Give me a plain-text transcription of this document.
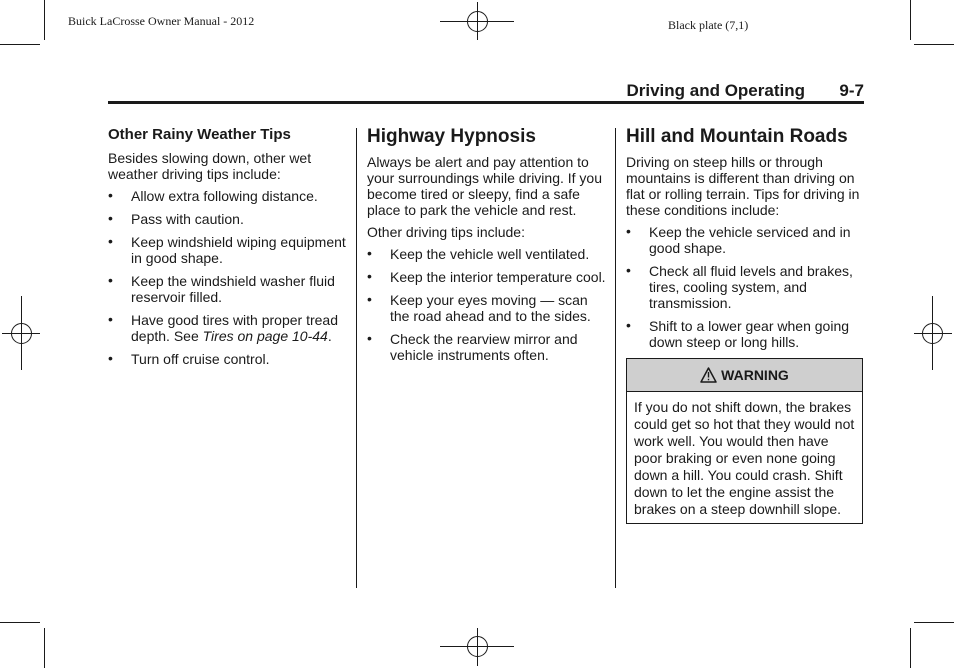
Buick LaCrosse Owner Manual - 2012	Black plate (7,1)
Driving and Operating 9-7
Other Rainy Weather Tips

Besides slowing down, other wet weather driving tips include:

• Allow extra following distance.
• Pass with caution.
• Keep windshield wiping equipment in good shape.
• Keep the windshield washer fluid reservoir filled.
• Have good tires with proper tread depth. See Tires on page 10-44.
• Turn off cruise control.
Highway Hypnosis

Always be alert and pay attention to your surroundings while driving. If you become tired or sleepy, find a safe place to park the vehicle and rest.

Other driving tips include:

• Keep the vehicle well ventilated.
• Keep the interior temperature cool.
• Keep your eyes moving — scan the road ahead and to the sides.
• Check the rearview mirror and vehicle instruments often.
Hill and Mountain Roads

Driving on steep hills or through mountains is different than driving on flat or rolling terrain. Tips for driving in these conditions include:

• Keep the vehicle serviced and in good shape.
• Check all fluid levels and brakes, tires, cooling system, and transmission.
• Shift to a lower gear when going down steep or long hills.
WARNING
If you do not shift down, the brakes could get so hot that they would not work well. You would then have poor braking or even none going down a hill. You could crash. Shift down to let the engine assist the brakes on a steep downhill slope.
